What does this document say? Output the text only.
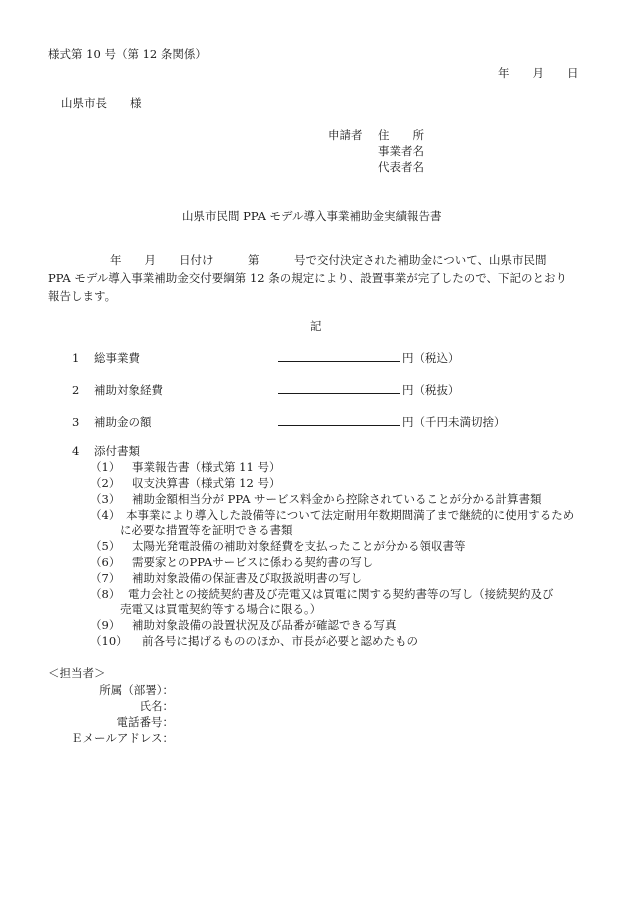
様式第 10 号（第 12 条関係）
年　　月　　日
山県市長　　様
申請者 住　　所
事業者名
代表者名
山県市民間 PPA モデル導入事業補助金実績報告書
年　　月　　日付け　　　第　　　号で交付決定された補助金について、山県市民間
PPA モデル導入事業補助金交付要綱第 12 条の規定により、設置事業が完了したので、下記のとおり
報告します。
記
1 総事業費	円（税込）
2 補助対象経費	円（税抜）
3 補助金の額	円（千円未満切捨）
4 添付書類
（1） 事業報告書（様式第 11 号）
（2） 収支決算書（様式第 12 号）
（3） 補助金額相当分が PPA サービス料金から控除されていることが分かる計算書類
（4） 本事業により導入した設備等について法定耐用年数期間満了まで継続的に使用するため
に必要な措置等を証明できる書類
（5） 太陽光発電設備の補助対象経費を支払ったことが分かる領収書等
（6） 需要家とのPPAサービスに係わる契約書の写し
（7） 補助対象設備の保証書及び取扱説明書の写し
（8） 電力会社との接続契約書及び売電又は買電に関する契約書等の写し（接続契約及び
売電又は買電契約等する場合に限る。）
（9） 補助対象設備の設置状況及び品番が確認できる写真
（10） 前各号に掲げるもののほか、市長が必要と認めたもの
＜担当者＞
所属（部署）：
氏名：
電話番号：
Ｅメールアドレス：
